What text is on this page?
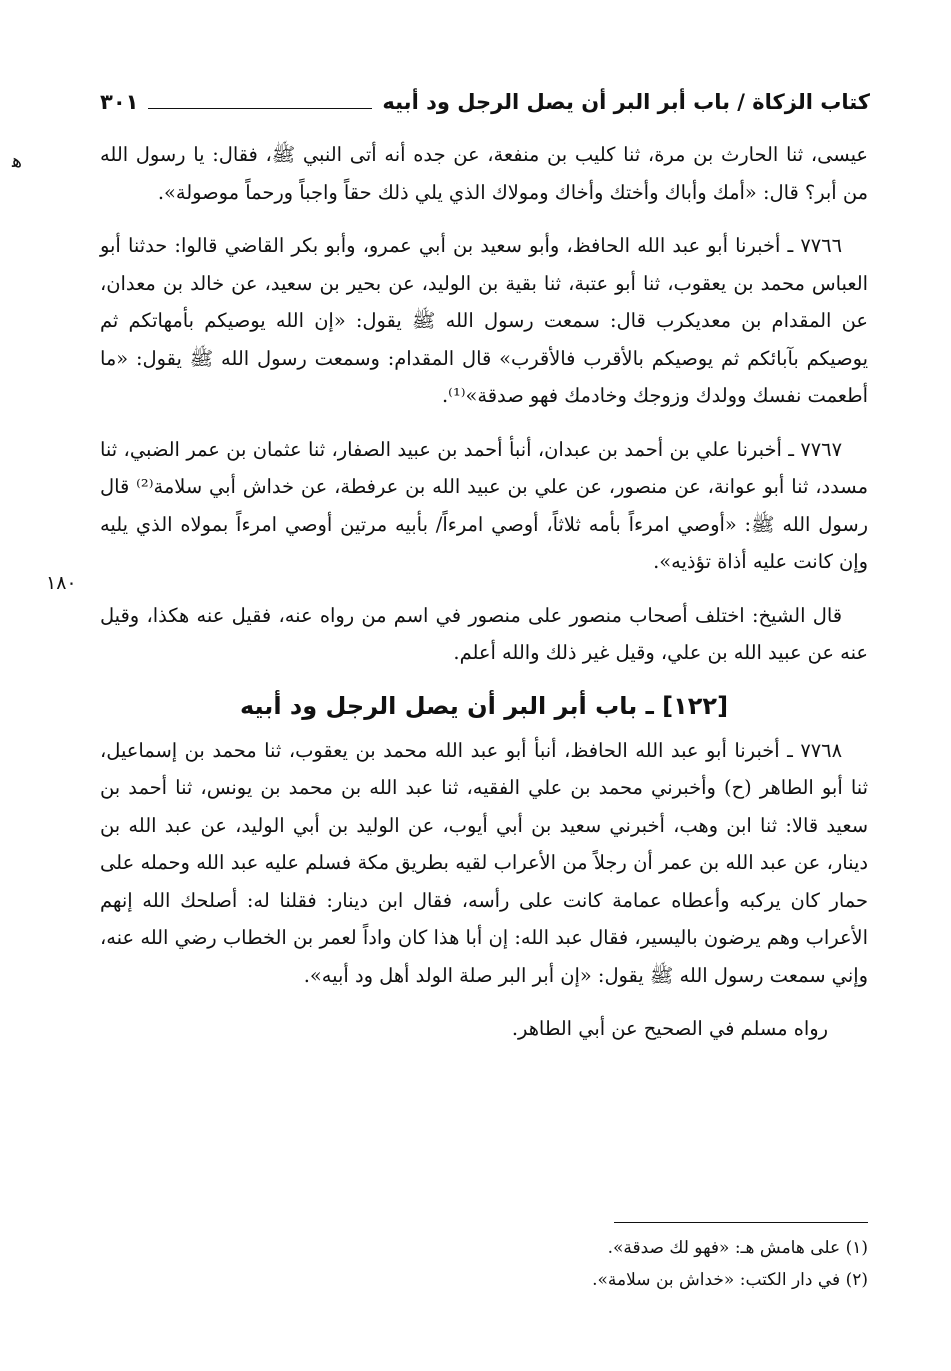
كتاب الزكاة / باب أبر البر أن يصل الرجل ود أبيه
٣٠١
ﻫ
١٨٠

عيسى، ثنا الحارث بن مرة، ثنا كليب بن منفعة، عن جده أنه أتى النبي ﷺ، فقال: يا رسول الله من أبر؟ قال: «أمك وأباك وأختك وأخاك ومولاك الذي يلي ذلك حقاً واجباً ورحماً موصولة».

٧٧٦٦ ـ أخبرنا أبو عبد الله الحافظ، وأبو سعيد بن أبي عمرو، وأبو بكر القاضي قالوا: حدثنا أبو العباس محمد بن يعقوب، ثنا أبو عتبة، ثنا بقية بن الوليد، عن بحير بن سعيد، عن خالد بن معدان، عن المقدام بن معديكرب قال: سمعت رسول الله ﷺ يقول: «إن الله يوصيكم بأمهاتكم ثم يوصيكم بآبائكم ثم يوصيكم بالأقرب فالأقرب» قال المقدام: وسمعت رسول الله ﷺ يقول: «ما أطعمت نفسك وولدك وزوجك وخادمك فهو صدقة»⁽¹⁾.

٧٧٦٧ ـ أخبرنا علي بن أحمد بن عبدان، أنبأ أحمد بن عبيد الصفار، ثنا عثمان بن عمر الضبي، ثنا مسدد، ثنا أبو عوانة، عن منصور، عن علي بن عبيد الله بن عرفطة، عن خداش أبي سلامة⁽²⁾ قال رسول الله ﷺ: «أوصي امرءاً بأمه ثلاثاً، أوصي امرءاً/ بأبيه مرتين أوصي امرءاً بمولاه الذي يليه وإن كانت عليه أذاة تؤذيه».

قال الشيخ: اختلف أصحاب منصور على منصور في اسم من رواه عنه، فقيل عنه هكذا، وقيل عنه عن عبيد الله بن علي، وقيل غير ذلك والله أعلم.

[١٢٢] ـ باب أبر البر أن يصل الرجل ود أبيه

٧٧٦٨ ـ أخبرنا أبو عبد الله الحافظ، أنبأ أبو عبد الله محمد بن يعقوب، ثنا محمد بن إسماعيل، ثنا أبو الطاهر (ح) وأخبرني محمد بن علي الفقيه، ثنا عبد الله بن محمد بن يونس، ثنا أحمد بن سعيد قالا: ثنا ابن وهب، أخبرني سعيد بن أبي أيوب، عن الوليد بن أبي الوليد، عن عبد الله بن دينار، عن عبد الله بن عمر أن رجلاً من الأعراب لقيه بطريق مكة فسلم عليه عبد الله وحمله على حمار كان يركبه وأعطاه عمامة كانت على رأسه، فقال ابن دينار: فقلنا له: أصلحك الله إنهم الأعراب وهم يرضون باليسير، فقال عبد الله: إن أبا هذا كان واداً لعمر بن الخطاب رضي الله عنه، وإني سمعت رسول الله ﷺ يقول: «إن أبر البر صلة الولد أهل ود أبيه».

رواه مسلم في الصحيح عن أبي الطاهر.

(١) على هامش هـ: «فهو لك صدقة».
(٢) في دار الكتب: «خداش بن سلامة».
